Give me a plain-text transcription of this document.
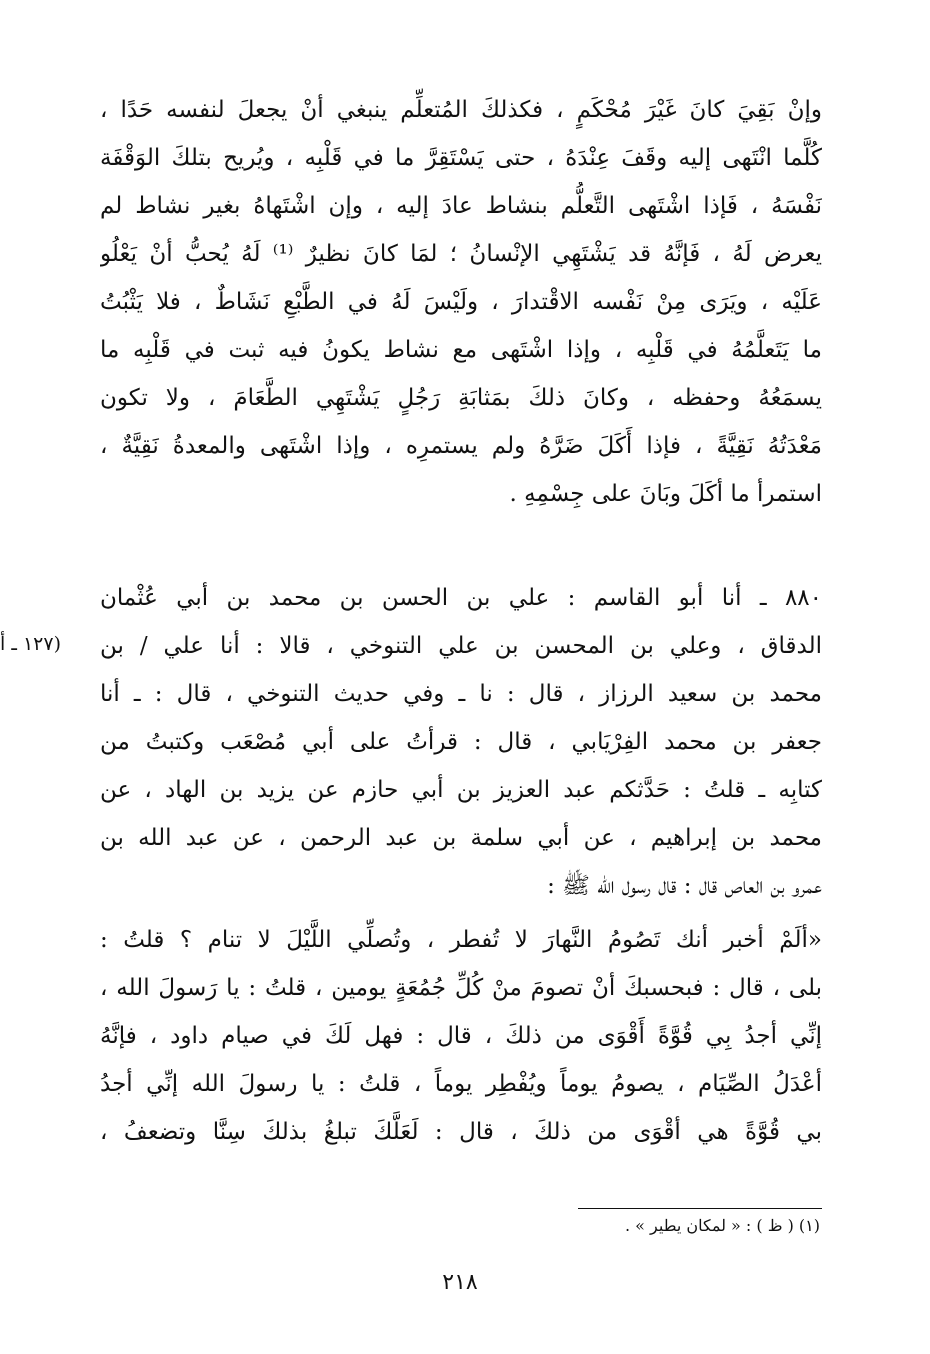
وإنْ بَقِيَ كانَ غَيْرَ مُحْكَمٍ ، فكذلكَ المُتعلِّم ينبغي أنْ يجعلَ لنفسه حَدًا ،
كُلَّما انْتَهى إليه وقَفَ عِنْدَهُ ، حتى يَسْتَقِرَّ ما في قَلْبِه ، ويُريح بتلكَ الوَقْفَة
نَفْسَهُ ، فَإذا اشْتَهى التَّعلُّم بنشاط عادَ إليه ، وإن اشْتَهاهُ بغير نشاط لم
يعرض لَهُ ، فَإنَّهُ قد يَشْتَهِي الإنْسانُ ؛ لمَا كانَ نظيرٌ ⁽¹⁾ لَهُ يُحبُّ أنْ يَعْلُو
عَلَيْه ، ويَرَى مِنْ نَفْسه الاقْتدارَ ، ولَيْسَ لَهُ في الطَّبْعِ نَشَاطٌ ، فلا يَثْبُتُ
ما يَتَعلَّمُهُ في قَلْبِه ، وإذا اشْتَهى مع نشاط يكونُ فيه ثبت في قَلْبِه ما
يسمَعُهُ وحفظه ، وكانَ ذلكَ بمَثابَةِ رَجُلٍ يَشْتَهِي الطَّعَامَ ، ولا تكون
مَعْدَتُهُ نَقِيَّةً ، فإذا أَكَلَ ضَرَّهُ ولم يستمرِه ، وإذا اشْتَهى والمعدةُ نَقِيَّةٌ ،
استمرأ ما أكَلَ وبَانَ على جِسْمِهِ .
٨٨٠ ـ أنا أبو القاسم : علي بن الحسن بن محمد بن أبي عُثْمان
الدقاق ، وعلي بن المحسن بن علي التنوخي ، قالا : أنا علي / بن
محمد بن سعيد الرزاز ، قال : نا ـ وفي حديث التنوخي ، قال : ـ أنا
جعفر بن محمد الفِرْيَابي ، قال : قرأتُ على أبي مُصْعَب وكتبتُ من
كتابِه ـ قلتُ : حَدَّثكم عبد العزيز بن أبي حازم عن يزيد بن الهاد ، عن
محمد بن إبراهيم ، عن أبي سلمة بن عبد الرحمن ، عن عبد الله بن
عمرو بن العاص قال : قال رسول الله ﷺ :
(١٢٧ ـ أ
«ألَمْ أخبر أنك تَصُومُ النَّهارَ لا تُفطر ، وتُصلِّي اللَّيْلَ لا تنام ؟ قلتُ :
بلى ، قال : فبحسبكَ أنْ تصومَ منْ كُلِّ جُمُعَةٍ يومين ، قلتُ : يا رَسولَ الله ،
إنِّي أجدُ بِي قُوَّةً أَقْوَى من ذلكَ ، قال : فهل لَكَ في صيام داود ، فإنَّهُ
أعْدَلُ الصِّيَام ، يصومُ يوماً ويُفْطِر يوماً ، قلتُ : يا رسولَ الله إنِّي أجدُ
بي قُوَّةً هي أقْوَى من ذلكَ ، قال : لَعَلَّكَ تبلغُ بذلكَ سِنَّا وتضعفُ ،
(١) ( ظ ) : « لمكان يطير » .
٢١٨
